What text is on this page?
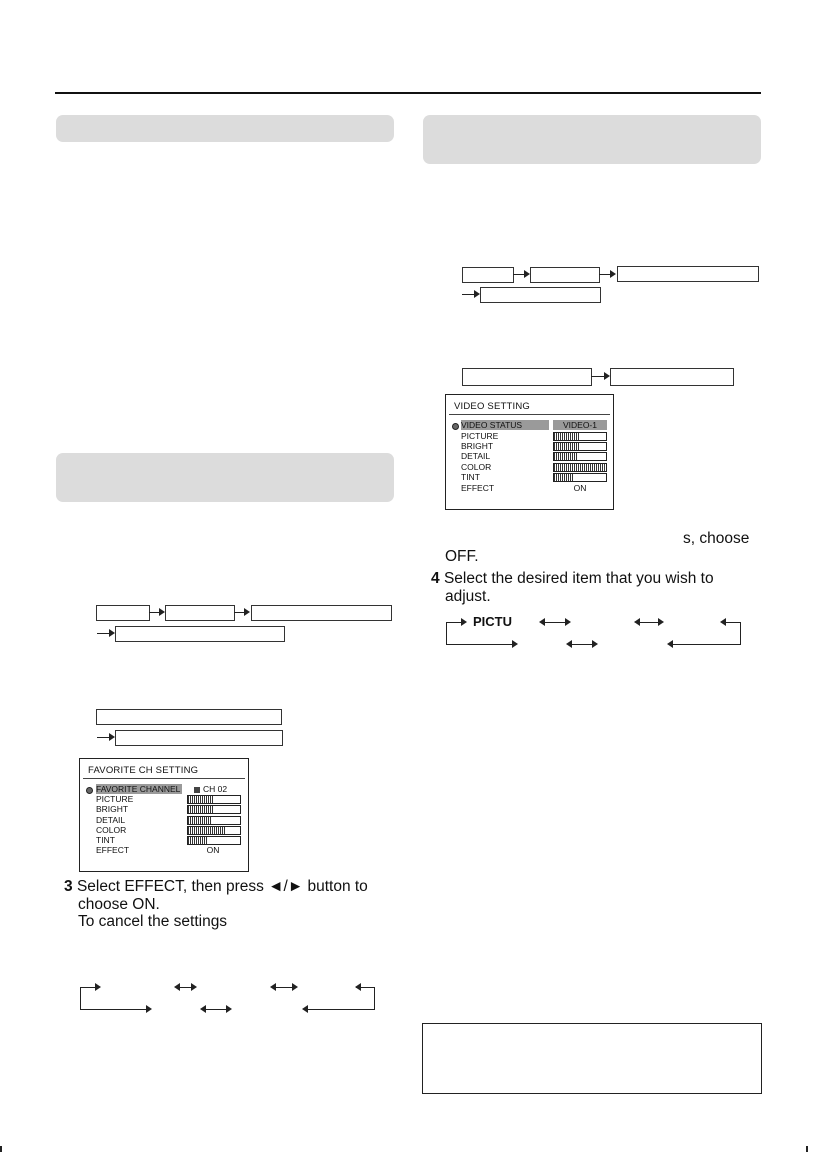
FAVORITE CH SETTING
FAVORITE CHANNEL	CH 02
PICTURE
BRIGHT
DETAIL
COLOR
TINT
EFFECT	ON
3 Select EFFECT, then press ◄/► button to
choose ON.
To cancel the settings
VIDEO SETTING
VIDEO STATUS	VIDEO-1
PICTURE
BRIGHT
DETAIL
COLOR
TINT
EFFECT	ON
s, choose
OFF.
4 Select the desired item that you wish to
adjust.
PICTU
